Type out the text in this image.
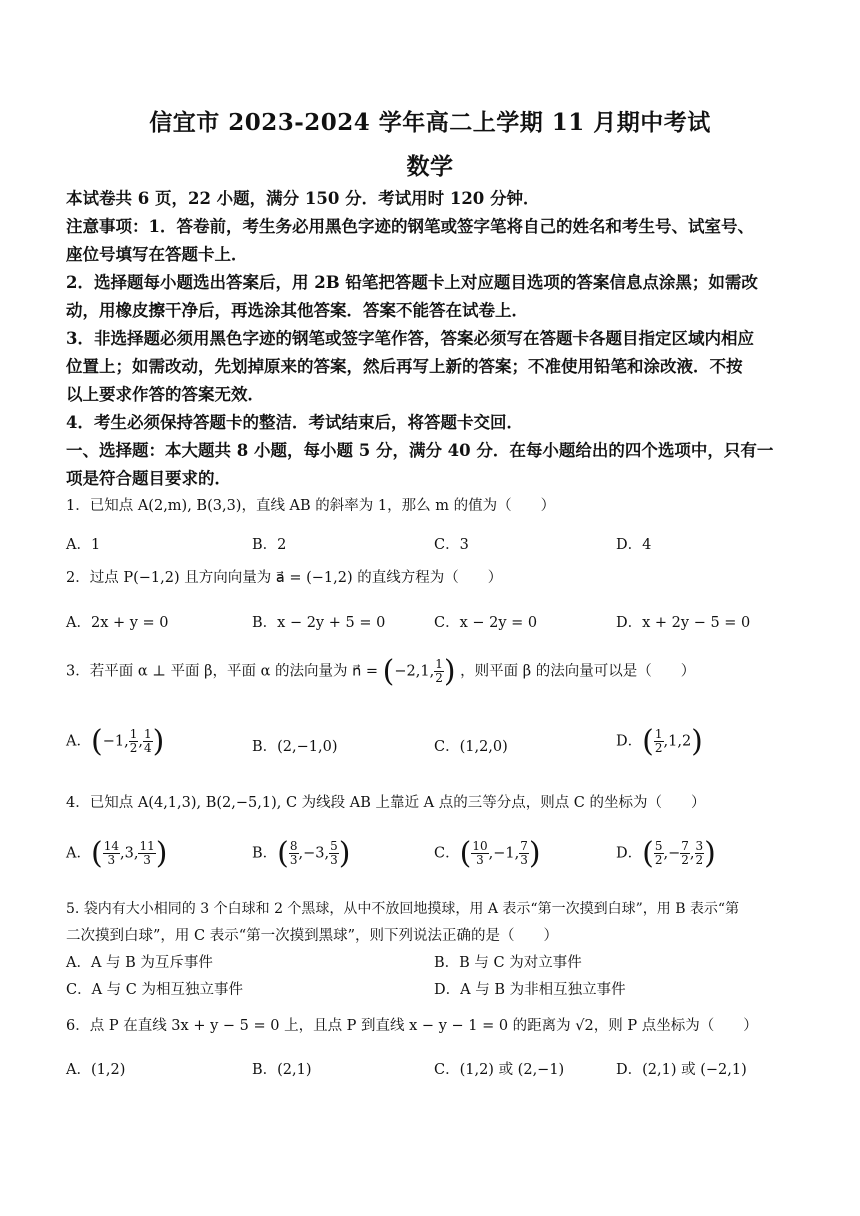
信宜市 2023-2024 学年高二上学期 11 月期中考试
数学
本试卷共 6 页，22 小题，满分 150 分．考试用时 120 分钟．
注意事项：1．答卷前，考生务必用黑色字迹的钢笔或签字笔将自己的姓名和考生号、试室号、
座位号填写在答题卡上．
2．选择题每小题选出答案后，用 2B 铅笔把答题卡上对应题目选项的答案信息点涂黑；如需改
动，用橡皮擦干净后，再选涂其他答案．答案不能答在试卷上．
3．非选择题必须用黑色字迹的钢笔或签字笔作答，答案必须写在答题卡各题目指定区域内相应
位置上；如需改动，先划掉原来的答案，然后再写上新的答案；不准使用铅笔和涂改液．不按
以上要求作答的答案无效．
4．考生必须保持答题卡的整洁．考试结束后，将答题卡交回．
一、选择题：本大题共 8 小题，每小题 5 分，满分 40 分．在每小题给出的四个选项中，只有一
项是符合题目要求的．
1．已知点 A(2,m), B(3,3)，直线 AB 的斜率为 1，那么 m 的值为（　　）
A．1	B．2	C．3	D．4
2．过点 P(−1,2) 且方向向量为 a⃗ = (−1,2) 的直线方程为（　　）
A．2x + y = 0	B．x − 2y + 5 = 0	C．x − 2y = 0	D．x + 2y − 5 = 0
3．若平面 α ⊥ 平面 β，平面 α 的法向量为 n⃗ = (−2,1, $\frac{1}{2}$ ) ，则平面 β 的法向量可以是（　　）
A．(−1, $\frac{1}{2}$ , $\frac{1}{4}$ )	B．(2,−1,0)	C．(1,2,0)	D．( $\frac{1}{2} ,1,2$)
4．已知点 A(4,1,3), B(2,−5,1), C 为线段 AB 上靠近 A 点的三等分点，则点 C 的坐标为（　　）
A．( $\frac{14}{3} ,3$, $\frac{11}{3}$ )	B．( $\frac{8}{3} ,-3$, $\frac{5}{3}$ )	C．( $\frac{10}{3} ,-1$, $\frac{7}{3}$ )	D．( $\frac{5}{2}$ ,− $\frac{7}{2}$ , $\frac{3}{2}$ )
5. 袋内有大小相同的 3 个白球和 2 个黑球，从中不放回地摸球，用 A 表示“第一次摸到白球”，用 B 表示“第
二次摸到白球”，用 C 表示“第一次摸到黑球”，则下列说法正确的是（　　）
A．A 与 B 为互斥事件	B．B 与 C 为对立事件
C．A 与 C 为相互独立事件	D．A 与 B 为非相互独立事件
6．点 P 在直线 3x + y − 5 = 0 上，且点 P 到直线 x − y − 1 = 0 的距离为 √2，则 P 点坐标为（　　）
A．(1,2)	B．(2,1)	C．(1,2) 或 (2,−1)	D．(2,1) 或 (−2,1)
